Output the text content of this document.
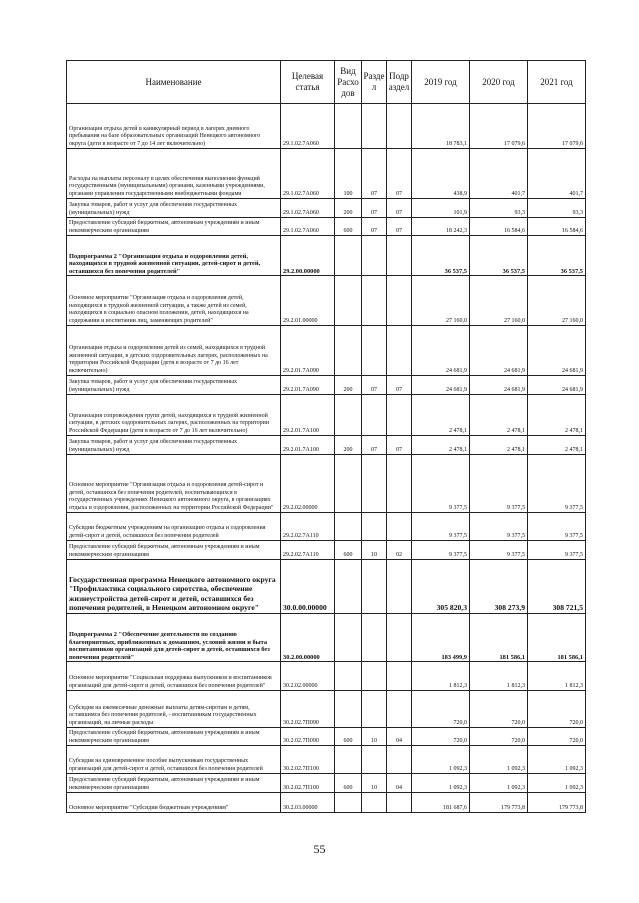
Наименование	Целевая статья	Вид Расхо дов	Разде л	Подр аздел	2019 год	2020 год	2021 год
Организация отдыха детей в каникулярный период в лагерях дневного пребывания на базе образовательных организаций Ненецкого автономного округа (дети в возрасте от 7 до 14 лет включительно)	29.1.02.7А060				18 783,1	17 079,6	17 079,6
Расходы на выплаты персоналу в целях обеспечения выполнения функций государственными (муниципальными) органами, казенными учреждениями, органами управления государственными внебюджетными фондами	29.1.02.7А060	100	07	07	438,9	401,7	401,7
Закупка товаров, работ и услуг для обеспечения государственных (муниципальных) нужд	29.1.02.7А060	200	07	07	101,9	93,3	93,3
Предоставление субсидий бюджетным, автономным учреждениям и иным некоммерческим организациям	29.1.02.7А060	600	07	07	18 242,3	16 584,6	16 584,6
Подпрограмма 2 "Организация отдыха и оздоровления детей, находящихся в трудной жизненной ситуации, детей-сирот и детей, оставшихся без попечения родителей"	29.2.00.00000				36 537,5	36 537,5	36 537,5
Основное мероприятие "Организация отдыха и оздоровления детей, находящихся в трудной жизненной ситуации, а также детей из семей, находящихся в социально опасном положении, детей, находящихся на содержании и воспитании лиц, заменяющих родителей"	29.2.01.00000				27 160,0	27 160,0	27 160,0
Организация отдыха и оздоровления детей из семей, находящихся в трудной жизненной ситуации, в детских оздоровительных лагерях, расположенных на территории Российской Федерации (дети в возрасте от 7 до 16 лет включительно)	29.2.01.7А090				24 681,9	24 681,9	24 681,9
Закупка товаров, работ и услуг для обеспечения государственных (муниципальных) нужд	29.2.01.7А090	200	07	07	24 681,9	24 681,9	24 681,9
Организация сопровождения групп детей, находящихся в трудной жизненной ситуации, в детских оздоровительных лагерях, расположенных на территории Российской Федерации (дети в возрасте от 7 до 16 лет включительно)	29.2.01.7А100				2 478,1	2 478,1	2 478,1
Закупка товаров, работ и услуг для обеспечения государственных (муниципальных) нужд	29.2.01.7А100	200	07	07	2 478,1	2 478,1	2 478,1
Основное мероприятие "Организация отдыха и оздоровления детей-сирот и детей, оставшихся без попечения родителей, воспитывающихся в государственных учреждениях Ненецкого автономного округа, в организациях отдыха и оздоровления, расположенных на территории Российской Федерации"	29.2.02.00000				9 377,5	9 377,5	9 377,5
Субсидии бюджетным учреждениям на организацию отдыха и оздоровления детей-сирот и детей, оставшихся без попечения родителей	29.2.02.7А110				9 377,5	9 377,5	9 377,5
Предоставление субсидий бюджетным, автономным учреждениям и иным некоммерческим организациям	29.2.02.7А110	600	10	02	9 377,5	9 377,5	9 377,5
Государственная программа Ненецкого автономного округа "Профилактика социального сиротства, обеспечение жизнеустройства детей-сирот и детей, оставшихся без попечения родителей, в Ненецком автономном округе"	30.0.00.00000				305 820,3	308 273,9	308 721,5
Подпрограмма 2 "Обеспечение деятельности по созданию благоприятных, приближенных к домашним, условий жизни и быта воспитанников организаций для детей-сирот и детей, оставшихся без попечения родителей"	30.2.00.00000				183 499,9	181 586,1	181 586,1
Основное мероприятие "Социальная поддержка выпускников и воспитанников организаций для детей-сирот и детей, оставшихся без попечения родителей"	30.2.02.00000				1 812,3	1 812,3	1 812,3
Субсидия на ежемесячные денежные выплаты детям-сиротам и детям, оставшимся без попечения родителей, - воспитанникам государственных организаций, на личные расходы	30.2.02.7П090				720,0	720,0	720,0
Предоставление субсидий бюджетным, автономным учреждениям и иным некоммерческим организациям	30.2.02.7П090	600	10	04	720,0	720,0	720,0
Субсидия на единовременное пособие выпускникам государственных организаций для детей-сирот и детей, оставшихся без попечения родителей	30.2.02.7П100				1 092,3	1 092,3	1 092,3
Предоставление субсидий бюджетным, автономным учреждениям и иным некоммерческим организациям	30.2.02.7П100	600	10	04	1 092,3	1 092,3	1 092,3
Основное мероприятие "Субсидии бюджетным учреждениям"	30.2.03.00000				181 687,6	179 773,8	179 773,8
55
